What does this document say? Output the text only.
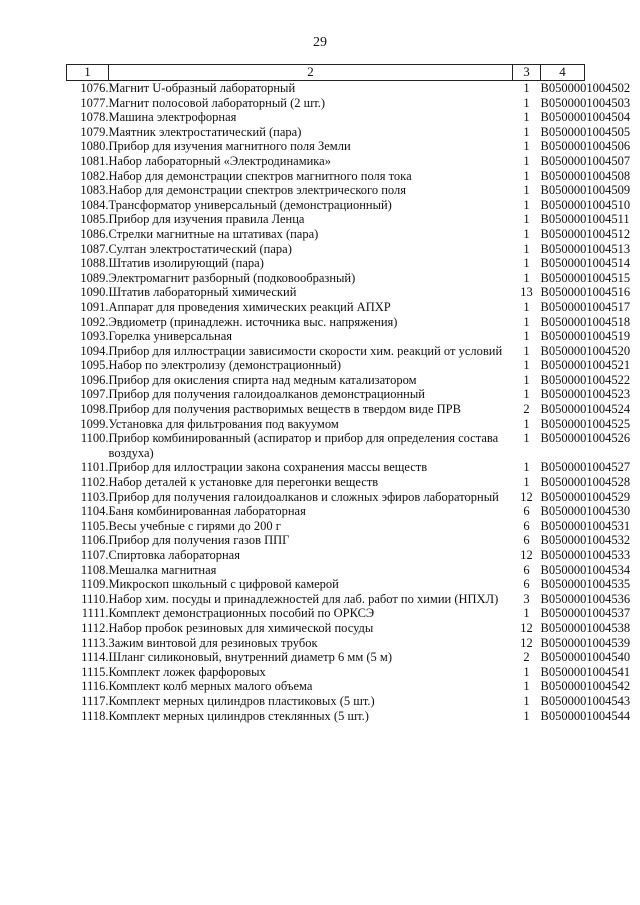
29
1	2	3	4
1076.	Магнит U-образный лабораторный	1	B0500001004502
1077.	Магнит полосовой лабораторный (2 шт.)	1	B0500001004503
1078.	Машина электрофорная	1	B0500001004504
1079.	Маятник электростатический (пара)	1	B0500001004505
1080.	Прибор для изучения магнитного поля Земли	1	B0500001004506
1081.	Набор лабораторный «Электродинамика»	1	B0500001004507
1082.	Набор для демонстрации спектров магнитного поля тока	1	B0500001004508
1083.	Набор для демонстрации спектров электрического поля	1	B0500001004509
1084.	Трансформатор универсальный (демонстрационный)	1	B0500001004510
1085.	Прибор для изучения правила Ленца	1	B0500001004511
1086.	Стрелки магнитные на штативах (пара)	1	B0500001004512
1087.	Султан электростатический (пара)	1	B0500001004513
1088.	Штатив изолирующий (пара)	1	B0500001004514
1089.	Электромагнит разборный (подковообразный)	1	B0500001004515
1090.	Штатив лабораторный химический	13	B0500001004516
1091.	Аппарат для проведения химических реакций АПХР	1	B0500001004517
1092.	Эвдиометр (принадлежн. источника выс. напряжения)	1	B0500001004518
1093.	Горелка универсальная	1	B0500001004519
1094.	Прибор для иллюстрации зависимости скорости хим. реакций от условий	1	B0500001004520
1095.	Набор по электролизу (демонстрационный)	1	B0500001004521
1096.	Прибор для окисления спирта над медным катализатором	1	B0500001004522
1097.	Прибор для получения галоидоалканов демонстрационный	1	B0500001004523
1098.	Прибор для получения растворимых веществ в твердом виде ПРВ	2	B0500001004524
1099.	Установка для фильтрования под вакуумом	1	B0500001004525
1100.	Прибор комбинированный (аспиратор и прибор для определения состава воздуха)	1	B0500001004526
1101.	Прибор для иллострации закона сохранения массы веществ	1	B0500001004527
1102.	Набор деталей к установке для перегонки веществ	1	B0500001004528
1103.	Прибор для получения галоидоалканов и сложных эфиров лабораторный	12	B0500001004529
1104.	Баня комбинированная лабораторная	6	B0500001004530
1105.	Весы учебные с гирями до 200 г	6	B0500001004531
1106.	Прибор для получения газов ППГ	6	B0500001004532
1107.	Спиртовка лабораторная	12	B0500001004533
1108.	Мешалка магнитная	6	B0500001004534
1109.	Микроскоп школьный с цифровой камерой	6	B0500001004535
1110.	Набор хим. посуды и принадлежностей для лаб. работ по химии (НПХЛ)	3	B0500001004536
1111.	Комплект демонстрационных пособий по ОРКСЭ	1	B0500001004537
1112.	Набор пробок резиновых для химической посуды	12	B0500001004538
1113.	Зажим винтовой для резиновых трубок	12	B0500001004539
1114.	Шланг силиконовый, внутренний диаметр 6 мм (5 м)	2	B0500001004540
1115.	Комплект ложек фарфоровых	1	B0500001004541
1116.	Комплект колб мерных малого объема	1	B0500001004542
1117.	Комплект мерных цилиндров пластиковых (5 шт.)	1	B0500001004543
1118.	Комплект мерных цилиндров стеклянных (5 шт.)	1	B0500001004544
